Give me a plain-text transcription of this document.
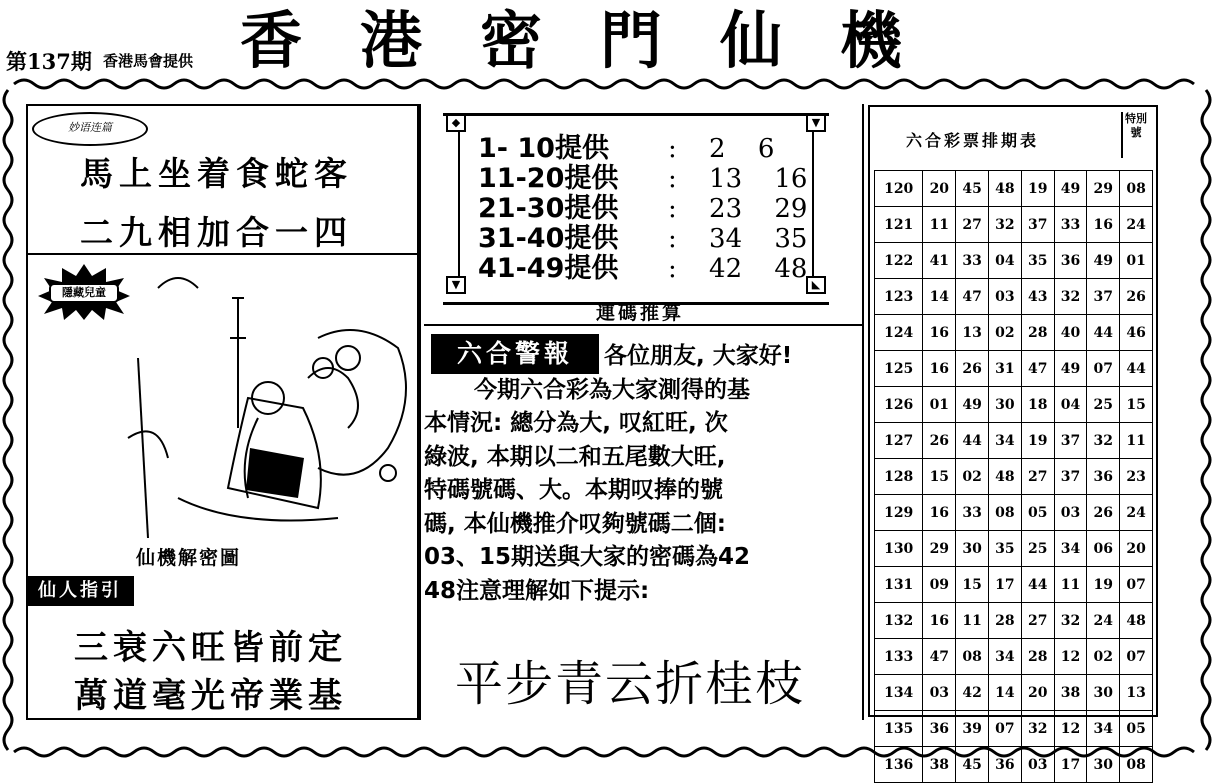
第137期 香港馬會提供 香港密門仙機
妙语连篇
馬上坐着食蛇客
二九相加合一四
隱藏兒童
仙機解密圖
仙人指引
三衰六旺皆前定
萬道毫光帝業基
◆	▼
▼	◣
1- 10提供 : 2 6
11-20提供 : 13 16
21-30提供 : 23 29
31-40提供 : 34 35
41-49提供 : 42 48
連碼推算
六合警報	各位朋友, 大家好!

今期六合彩為大家測得的基

本情況: 總分為大, 叹紅旺, 次

綠波, 本期以二和五尾數大旺,

特碼號碼、大。本期叹捧的號

碼, 本仙機推介叹夠號碼二個:

03、15期送與大家的密碼為42

48注意理解如下提示:

平步青云折桂枝
六合彩票排期表
特別號
120	20	45	48	19	49	29	08
121	11	27	32	37	33	16	24
122	41	33	04	35	36	49	01
123	14	47	03	43	32	37	26
124	16	13	02	28	40	44	46
125	16	26	31	47	49	07	44
126	01	49	30	18	04	25	15
127	26	44	34	19	37	32	11
128	15	02	48	27	37	36	23
129	16	33	08	05	03	26	24
130	29	30	35	25	34	06	20
131	09	15	17	44	11	19	07
132	16	11	28	27	32	24	48
133	47	08	34	28	12	02	07
134	03	42	14	20	38	30	13
135	36	39	07	32	12	34	05
136	38	45	36	03	17	30	08
